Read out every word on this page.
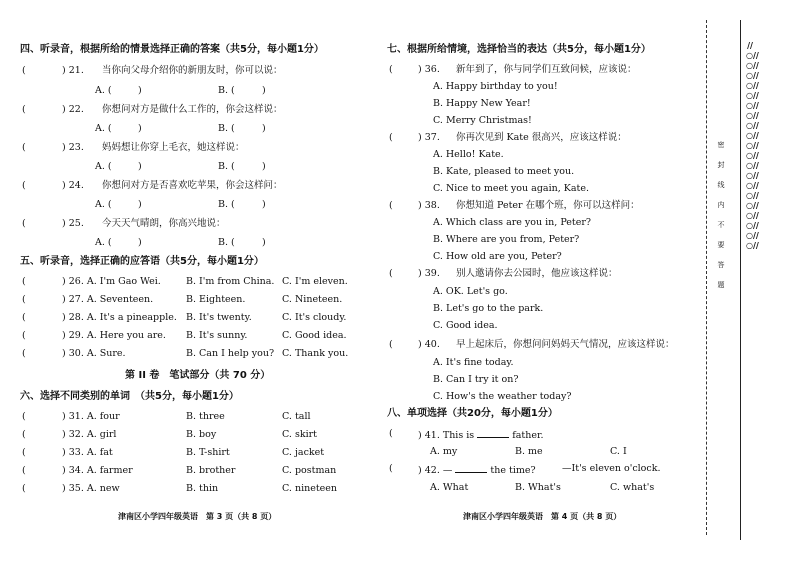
四、听录音，根据所给的情景选择正确的答案（共5分，每小题1分）
(	) 21. 当你向父母介绍你的新朋友时，你可以说：
A. (	)	B. (	)
(	) 22. 你想问对方是做什么工作的，你会这样说：
A. (	)	B. (	)
(	) 23. 妈妈想让你穿上毛衣，她这样说：
A. (	)	B. (	)
(	) 24. 你想问对方是否喜欢吃苹果，你会这样问：
A. (	)	B. (	)
(	) 25. 今天天气晴朗，你高兴地说：
A. (	)	B. (	)
五、听录音，选择正确的应答语（共5分，每小题1分）
(	) 26. A. I'm Gao Wei.	B. I'm from China. C. I'm eleven.
(	) 27. A. Seventeen.	B. Eighteen.	C. Nineteen.
(	) 28. A. It's a pineapple. B. It's twenty.	C. It's cloudy.
(	) 29. A. Here you are. B. It's sunny.	C. Good idea.
(	) 30. A. Sure.	B. Can I help you? C. Thank you.
第 II 卷　笔试部分（共 70 分）
六、选择不同类别的单词　（共5分，每小题1分）
(	) 31. A. four	B. three	C. tall
(	) 32. A. girl	B. boy	C. skirt
(	) 33. A. fat	B. T-shirt	C. jacket
(	) 34. A. farmer	B. brother	C. postman
(	) 35. A. new	B. thin	C. nineteen
津南区小学四年级英语　第 3 页（共 8 页）
七、根据所给情境，选择恰当的表达（共5分，每小题1分）
(	) 36. 新年到了，你与同学们互致问候，应该说：
A. Happy birthday to you!
B. Happy New Year!
C. Merry Christmas!
(	) 37. 你再次见到 Kate 很高兴，应该这样说：
A. Hello! Kate.
B. Kate, pleased to meet you.
C. Nice to meet you again, Kate.
(	) 38. 你想知道 Peter 在哪个班，你可以这样问：
A. Which class are you in, Peter?
B. Where are you from, Peter?
C. How old are you, Peter?
(	) 39. 别人邀请你去公园时，他应该这样说：
A. OK. Let's go.
B. Let's go to the park.
C. Good idea.
(	) 40. 早上起床后，你想问问妈妈天气情况，应该这样说：
A. It's fine today.
B. Can I try it on?
C. How's the weather today?
八、单项选择（共20分，每小题1分）
(	) 41. This is	father.
A. my	B. me	C. I
(	) 42. —	the time?	—It's eleven o'clock.
A. What	B. What's	C. what's
津南区小学四年级英语　第 4 页（共 8 页）
密
封
线
内
不
要
答
题
//○//○//○//○//○//○//○//○//○//○//○//○//○//○//○//○//○//○//○//○//
